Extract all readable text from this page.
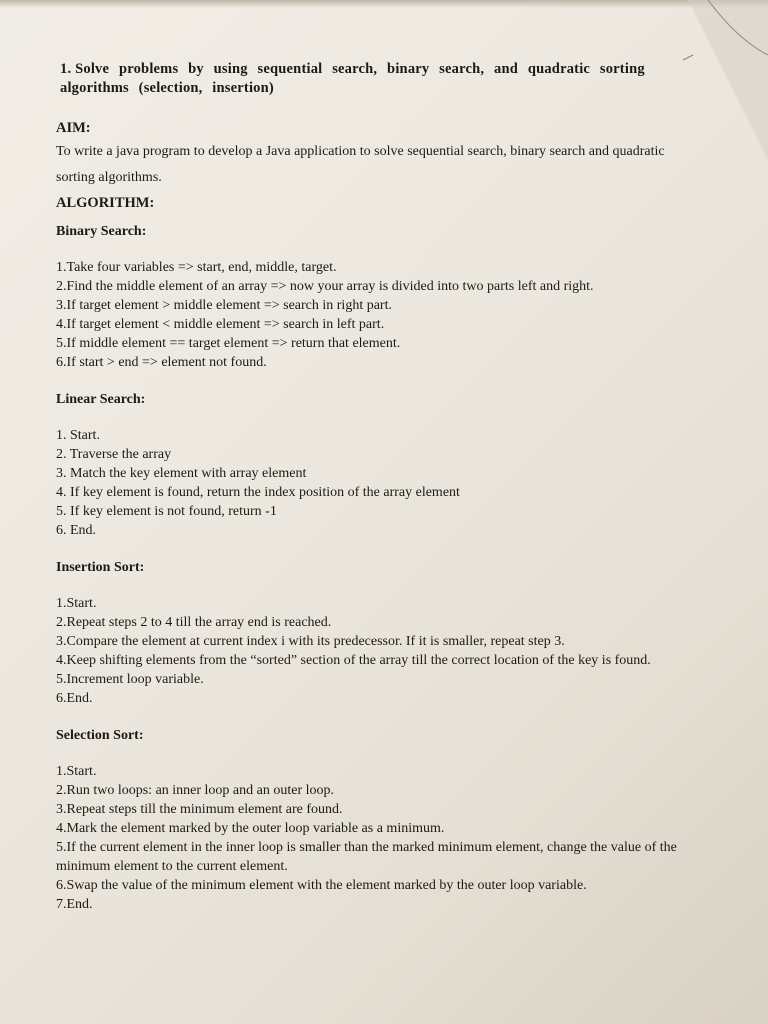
1. Solve problems by using sequential search, binary search, and quadratic sorting algorithms (selection, insertion)
AIM:
To write a java program to develop a Java application to solve sequential search, binary search and quadratic sorting algorithms.
ALGORITHM:
Binary Search:
1.Take four variables => start, end, middle, target.
2.Find the middle element of an array => now your array is divided into two parts left and right.
3.If target element > middle element => search in right part.
4.If target element < middle element => search in left part.
5.If middle element == target element => return that element.
6.If start > end => element not found.
Linear Search:
1. Start.
2. Traverse the array
3. Match the key element with array element
4. If key element is found, return the index position of the array element
5. If key element is not found, return -1
6. End.
Insertion Sort:
1.Start.
2.Repeat steps 2 to 4 till the array end is reached.
3.Compare the element at current index i with its predecessor. If it is smaller, repeat step 3.
4.Keep shifting elements from the “sorted” section of the array till the correct location of the key is found.
5.Increment loop variable.
6.End.
Selection Sort:
1.Start.
2.Run two loops: an inner loop and an outer loop.
3.Repeat steps till the minimum element are found.
4.Mark the element marked by the outer loop variable as a minimum.
5.If the current element in the inner loop is smaller than the marked minimum element, change the value of the minimum element to the current element.
6.Swap the value of the minimum element with the element marked by the outer loop variable.
7.End.
